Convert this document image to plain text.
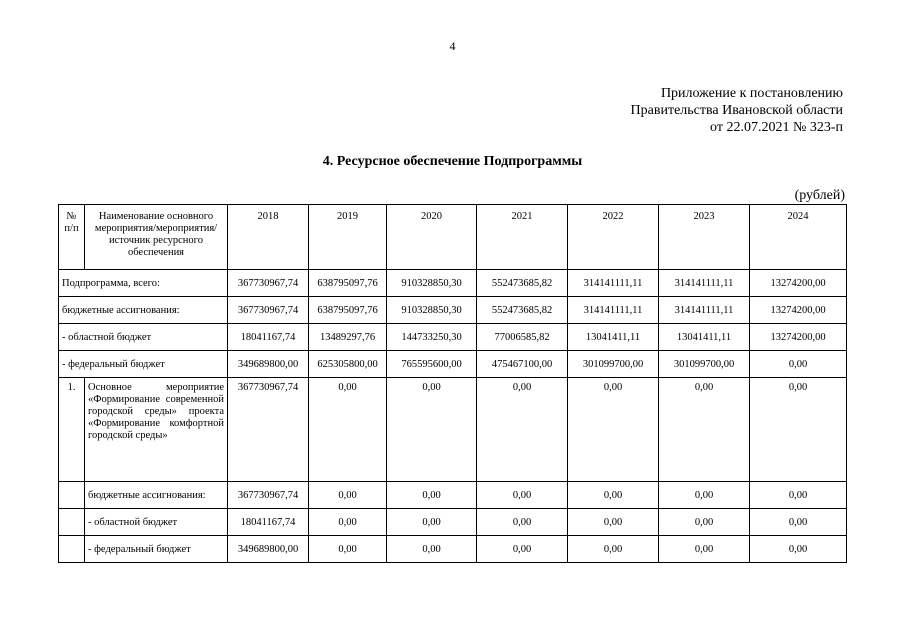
4
Приложение к постановлению
Правительства Ивановской области
от 22.07.2021 № 323-п
4. Ресурсное обеспечение Подпрограммы
(рублей)
№ п/п	Наименование основного мероприятия/мероприятия/ источник ресурсного обеспечения	2018	2019	2020	2021	2022	2023	2024
Подпрограмма, всего:		367730967,74	638795097,76	910328850,30	552473685,82	314141111,11	314141111,11	13274200,00
бюджетные ассигнования:		367730967,74	638795097,76	910328850,30	552473685,82	314141111,11	314141111,11	13274200,00
- областной бюджет		18041167,74	13489297,76	144733250,30	77006585,82	13041411,11	13041411,11	13274200,00
- федеральный бюджет		349689800,00	625305800,00	765595600,00	475467100,00	301099700,00	301099700,00	0,00
1.	Основное мероприятие «Формирование современной городской среды» проекта «Формирование комфортной городской среды»	367730967,74	0,00	0,00	0,00	0,00	0,00	0,00
	бюджетные ассигнования:	367730967,74	0,00	0,00	0,00	0,00	0,00	0,00
	- областной бюджет	18041167,74	0,00	0,00	0,00	0,00	0,00	0,00
	- федеральный бюджет	349689800,00	0,00	0,00	0,00	0,00	0,00	0,00
